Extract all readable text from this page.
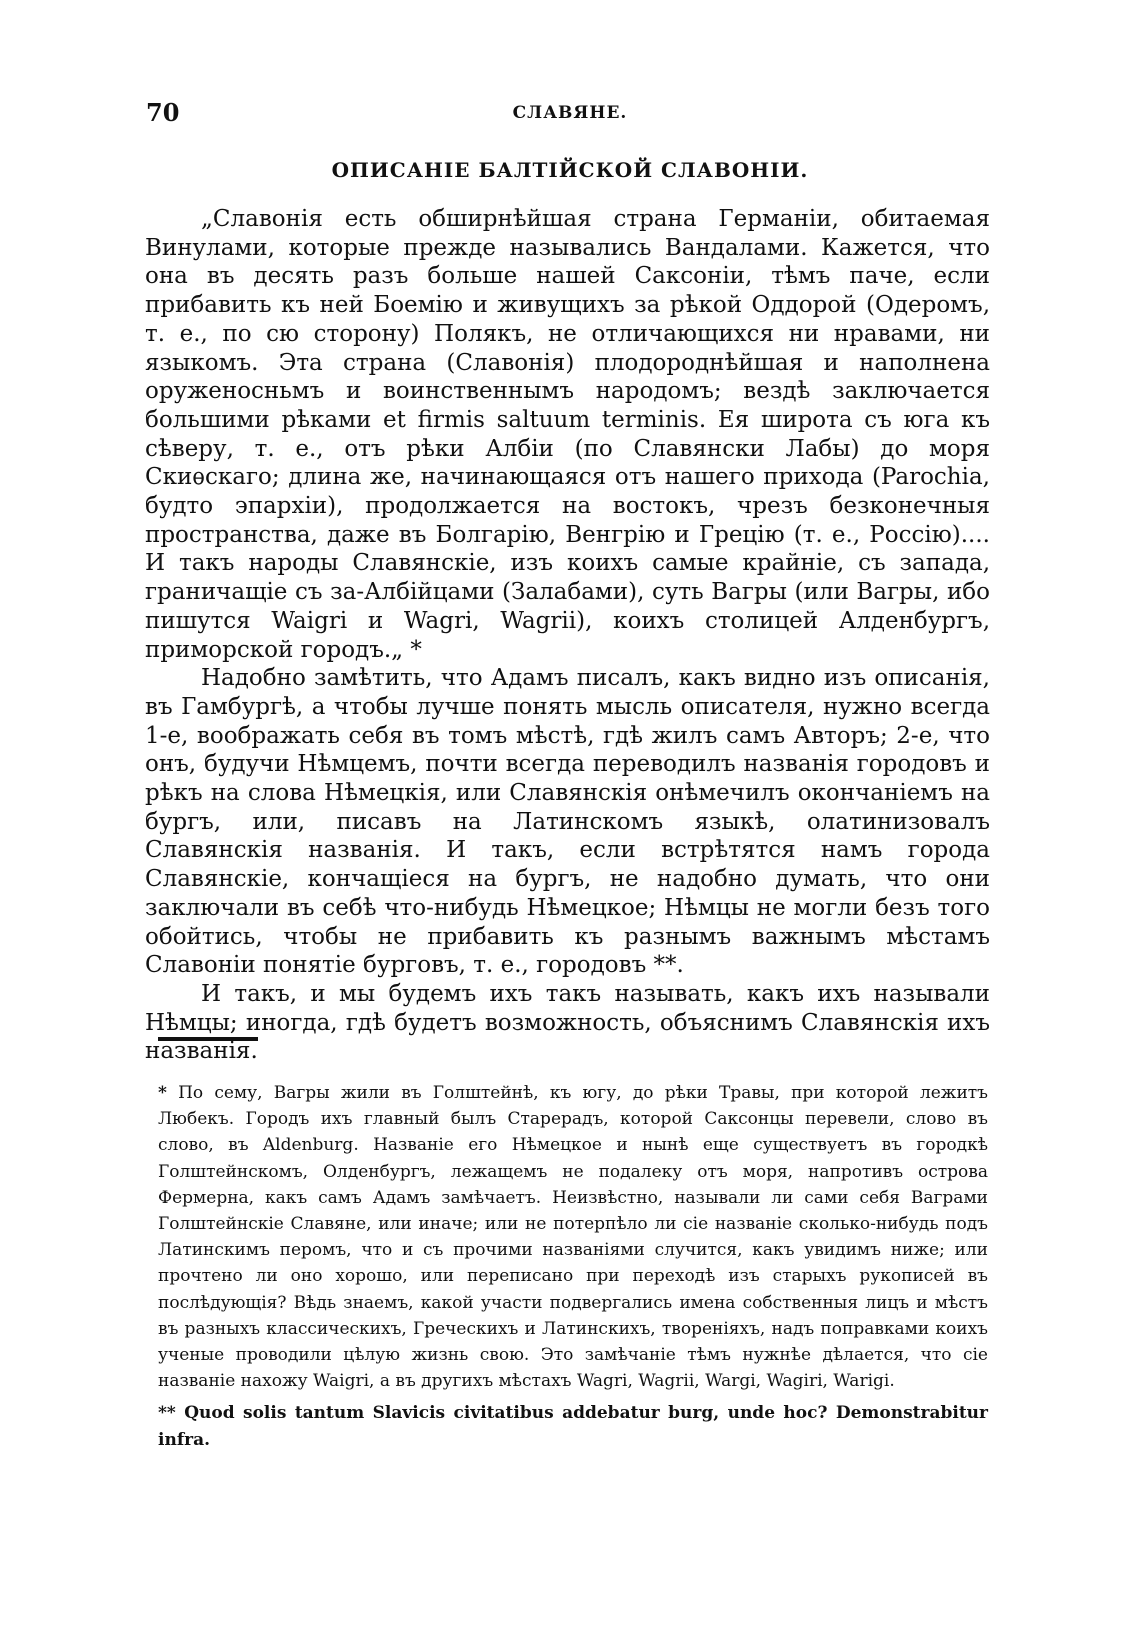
70	СЛАВЯНЕ.
ОПИСАНIЕ БАЛТIЙСКОЙ СЛАВОНIИ.

„Славонiя есть обширнѣйшая страна Германiи, обитаемая Винулами, которые прежде назывались Вандалами. Кажется, что она въ десять разъ больше нашей Саксонiи, тѣмъ паче, если прибавить къ ней Боемiю и живущихъ за рѣкой Оддорой (Одеромъ, т. е., по сю сторону) Полякъ, не отличающихся ни нравами, ни языкомъ. Эта страна (Славонiя) плодороднѣйшая и наполнена оруженосньмъ и воинственнымъ народомъ; вездѣ заключается большими рѣками et firmis saltuum terminis. Ея широта съ юга къ сѣверу, т. е., отъ рѣки Албiи (по Славянски Лабы) до моря Скиѳскаго; длина же, начинающаяся отъ нашего прихода (Parochia, будто эпархiи), продолжается на востокъ, чрезъ безконечныя пространства, даже въ Болгарiю, Венгрiю и Грецiю (т. е., Россiю).... И такъ народы Славянскiе, изъ коихъ самые крайнiе, съ запада, граничащiе съ за-Албiйцами (Залабами), суть Вагры (или Вагры, ибо пишутся Waigri и Wagri, Wagrii), коихъ столицей Алденбургъ, приморской городъ.„ *

Надобно замѣтить, что Адамъ писалъ, какъ видно изъ описанiя, въ Гамбургѣ, а чтобы лучше понять мысль описателя, нужно всегда 1-е, воображать себя въ томъ мѣстѣ, гдѣ жилъ самъ Авторъ; 2-е, что онъ, будучи Нѣмцемъ, почти всегда переводилъ названiя городовъ и рѣкъ на слова Нѣмецкiя, или Славянскiя онѣмечилъ окончанiемъ на бургъ, или, писавъ на Латинскомъ языкѣ, олатинизовалъ Славянскiя названiя. И такъ, если встрѣтятся намъ города Славянскiе, кончащiеся на бургъ, не надобно думать, что они заключали въ себѣ что-нибудь Нѣмецкое; Нѣмцы не могли безъ того обойтись, чтобы не прибавить къ разнымъ важнымъ мѣстамъ Славонiи понятiе бурговъ, т. е., городовъ **.

И такъ, и мы будемъ ихъ такъ называть, какъ ихъ называли Нѣмцы; иногда, гдѣ будетъ возможность, объяснимъ Славянскiя ихъ названiя.

* По сему, Вагры жили въ Голштейнѣ, къ югу, до рѣки Травы, при которой лежитъ Любекъ. Городъ ихъ главный былъ Старерадъ, которой Саксонцы перевели, слово въ слово, въ Aldenburg. Названiе его Нѣмецкое и нынѣ еще существуетъ въ городкѣ Голштейнскомъ, Олденбургъ, лежащемъ не подалеку отъ моря, напротивъ острова Фермерна, какъ самъ Адамъ замѣчаетъ. Неизвѣстно, называли ли сами себя Ваграми Голштейнскiе Славяне, или иначе; или не потерпѣло ли сiе названiе сколько-нибудь подъ Латинскимъ перомъ, что и съ прочими названiями случится, какъ увидимъ ниже; или прочтено ли оно хорошо, или переписано при переходѣ изъ старыхъ рукописей въ послѣдующiя? Вѣдь знаемъ, какой участи подвергались имена собственныя лицъ и мѣстъ въ разныхъ классическихъ, Греческихъ и Латинскихъ, творенiяхъ, надъ поправками коихъ ученые проводили цѣлую жизнь свою. Это замѣчанiе тѣмъ нужнѣе дѣлается, что сiе названiе нахожу Waigri, а въ другихъ мѣстахъ Wagri, Wagrii, Wargi, Wagiri, Warigi.

** Quod solis tantum Slavicis civitatibus addebatur burg, unde hoc? Demonstrabitur infra.
